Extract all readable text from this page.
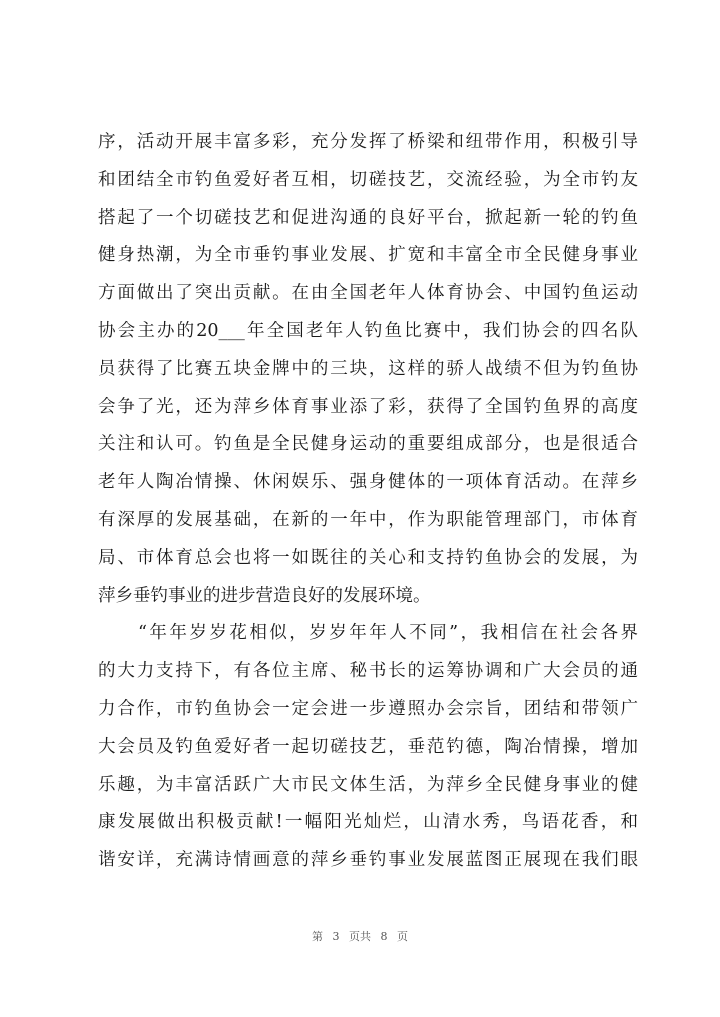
序，活动开展丰富多彩，充分发挥了桥梁和纽带作用，积极引导
和团结全市钓鱼爱好者互相，切磋技艺，交流经验，为全市钓友
搭起了一个切磋技艺和促进沟通的良好平台，掀起新一轮的钓鱼
健身热潮，为全市垂钓事业发展、扩宽和丰富全市全民健身事业
方面做出了突出贡献。在由全国老年人体育协会、中国钓鱼运动
协会主办的20___年全国老年人钓鱼比赛中，我们协会的四名队
员获得了比赛五块金牌中的三块，这样的骄人战绩不但为钓鱼协
会争了光，还为萍乡体育事业添了彩，获得了全国钓鱼界的高度
关注和认可。钓鱼是全民健身运动的重要组成部分，也是很适合
老年人陶冶情操、休闲娱乐、强身健体的一项体育活动。在萍乡
有深厚的发展基础，在新的一年中，作为职能管理部门，市体育
局、市体育总会也将一如既往的关心和支持钓鱼协会的发展，为
萍乡垂钓事业的进步营造良好的发展环境。
　　“年年岁岁花相似，岁岁年年人不同”，我相信在社会各界
的大力支持下，有各位主席、秘书长的运筹协调和广大会员的通
力合作，市钓鱼协会一定会进一步遵照办会宗旨，团结和带领广
大会员及钓鱼爱好者一起切磋技艺，垂范钓德，陶冶情操，增加
乐趣，为丰富活跃广大市民文体生活，为萍乡全民健身事业的健
康发展做出积极贡献!一幅阳光灿烂，山清水秀，鸟语花香，和
谐安详，充满诗情画意的萍乡垂钓事业发展蓝图正展现在我们眼
第 3 页共 8 页
